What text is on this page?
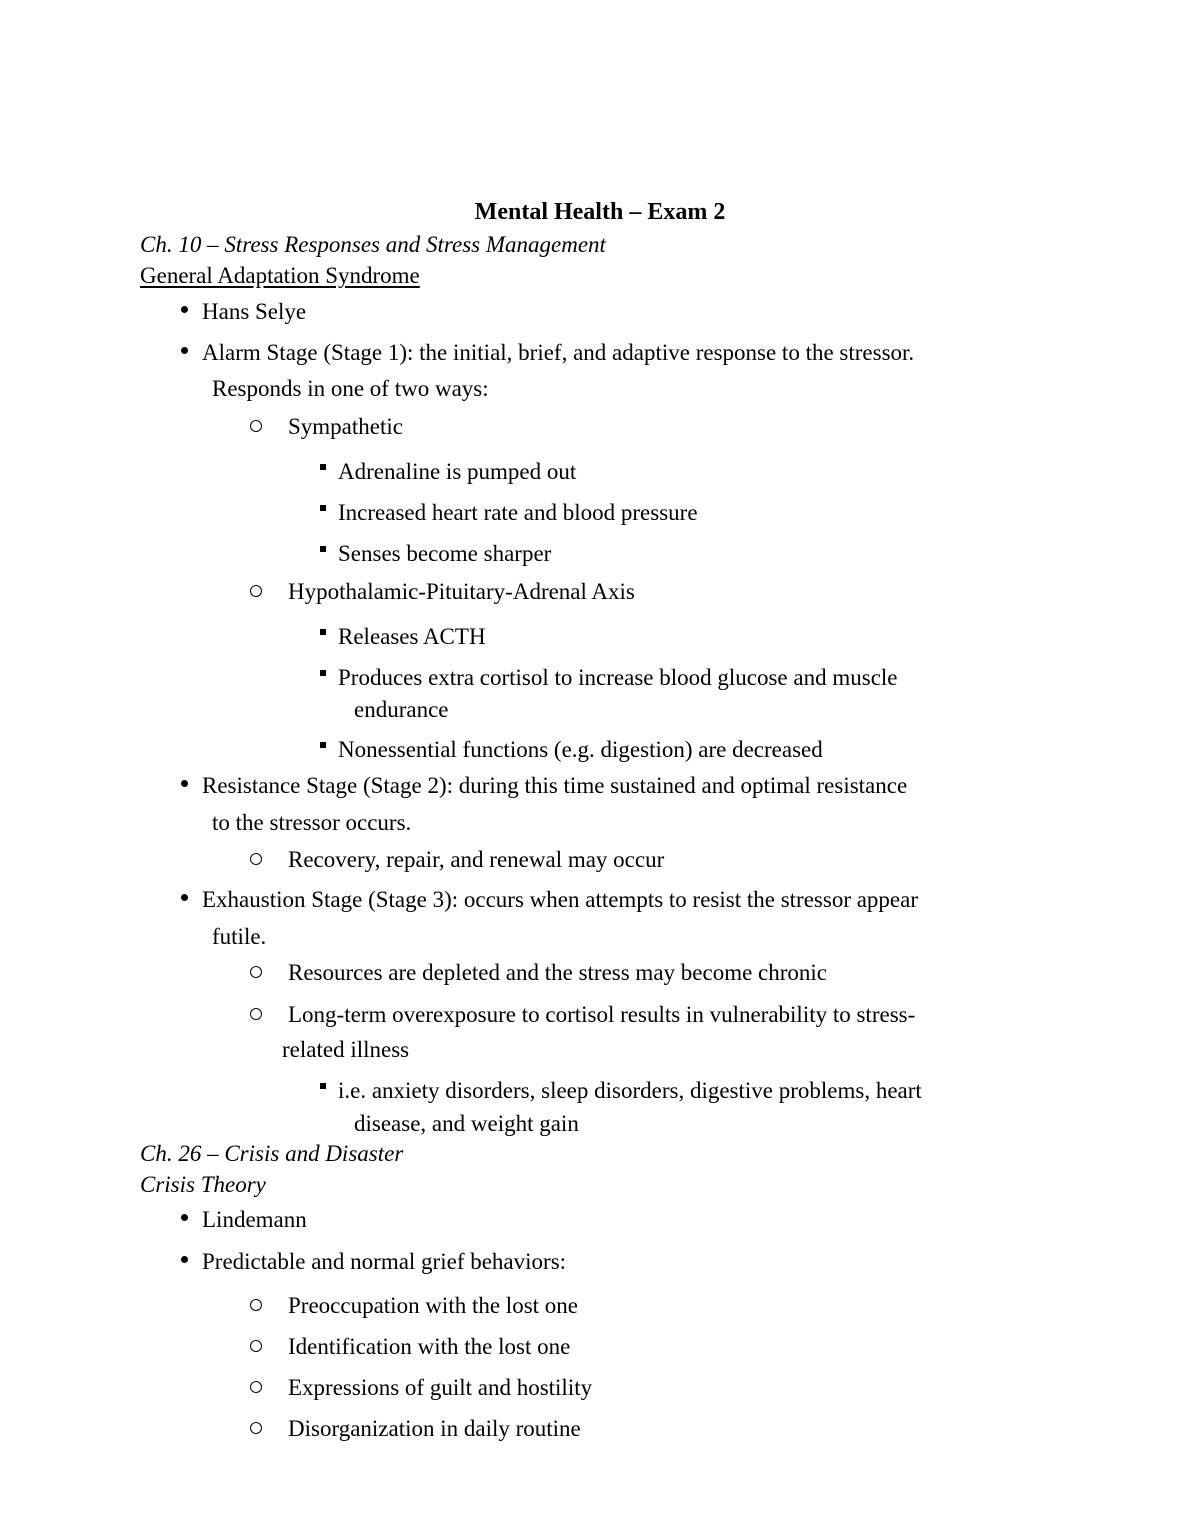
Mental Health – Exam 2
Ch. 10 – Stress Responses and Stress Management
General Adaptation Syndrome
Hans Selye
Alarm Stage (Stage 1): the initial, brief, and adaptive response to the stressor.
Responds in one of two ways:
Sympathetic
Adrenaline is pumped out
Increased heart rate and blood pressure
Senses become sharper
Hypothalamic-Pituitary-Adrenal Axis
Releases ACTH
Produces extra cortisol to increase blood glucose and muscle
endurance
Nonessential functions (e.g. digestion) are decreased
Resistance Stage (Stage 2): during this time sustained and optimal resistance
to the stressor occurs.
Recovery, repair, and renewal may occur
Exhaustion Stage (Stage 3): occurs when attempts to resist the stressor appear
futile.
Resources are depleted and the stress may become chronic
Long-term overexposure to cortisol results in vulnerability to stress-
related illness
i.e. anxiety disorders, sleep disorders, digestive problems, heart
disease, and weight gain
Ch. 26 – Crisis and Disaster
Crisis Theory
Lindemann
Predictable and normal grief behaviors:
Preoccupation with the lost one
Identification with the lost one
Expressions of guilt and hostility
Disorganization in daily routine
